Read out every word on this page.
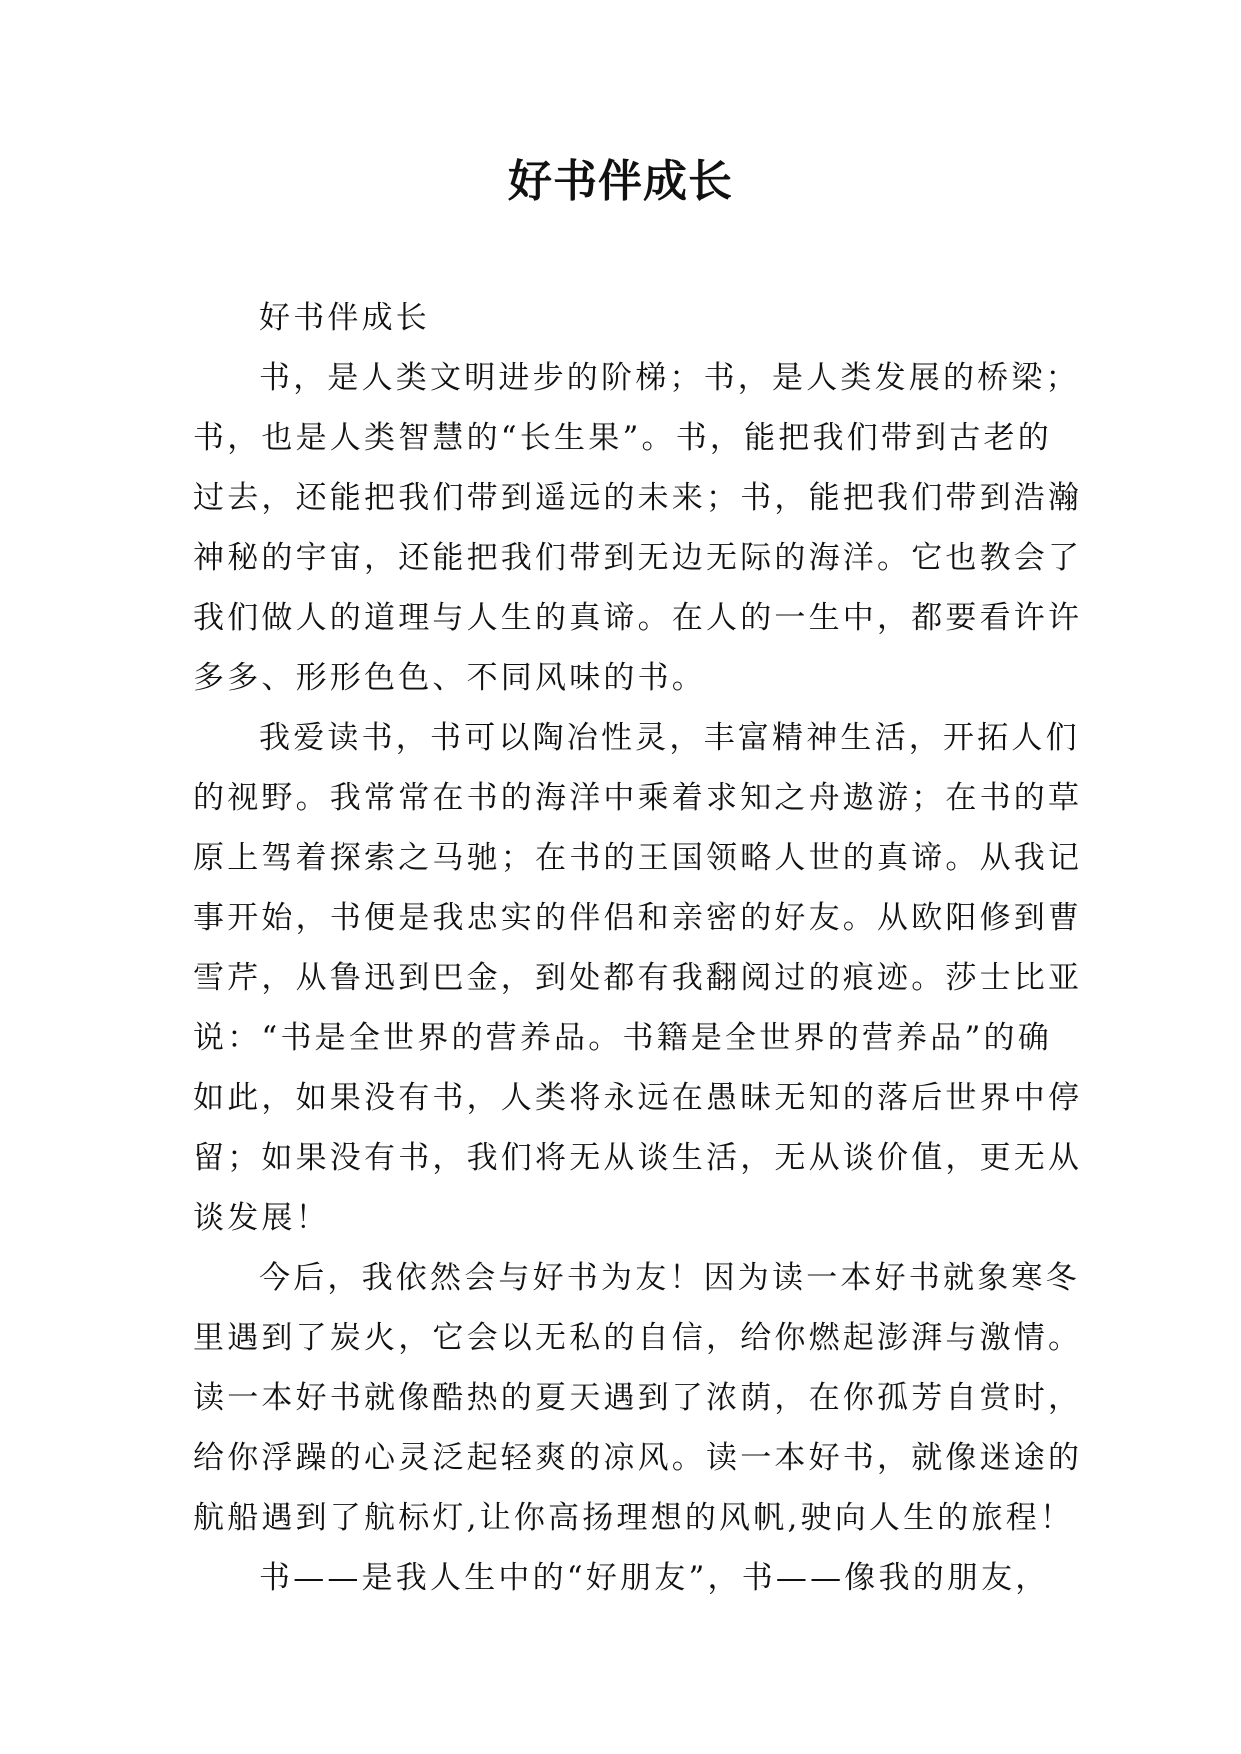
好书伴成长
好书伴成长
书，是人类文明进步的阶梯；书，是人类发展的桥梁；
书，也是人类智慧的“长生果”。书，能把我们带到古老的
过去，还能把我们带到遥远的未来；书，能把我们带到浩瀚
神秘的宇宙，还能把我们带到无边无际的海洋。它也教会了
我们做人的道理与人生的真谛。在人的一生中，都要看许许
多多、形形色色、不同风味的书。
我爱读书，书可以陶冶性灵，丰富精神生活，开拓人们
的视野。我常常在书的海洋中乘着求知之舟遨游；在书的草
原上驾着探索之马驰；在书的王国领略人世的真谛。从我记
事开始，书便是我忠实的伴侣和亲密的好友。从欧阳修到曹
雪芹，从鲁迅到巴金，到处都有我翻阅过的痕迹。莎士比亚
说：“书是全世界的营养品。书籍是全世界的营养品”的确
如此，如果没有书，人类将永远在愚昧无知的落后世界中停
留；如果没有书，我们将无从谈生活，无从谈价值，更无从
谈发展！
今后，我依然会与好书为友！因为读一本好书就象寒冬
里遇到了炭火，它会以无私的自信，给你燃起澎湃与激情。
读一本好书就像酷热的夏天遇到了浓荫，在你孤芳自赏时，
给你浮躁的心灵泛起轻爽的凉风。读一本好书，就像迷途的
航船遇到了航标灯,让你高扬理想的风帆,驶向人生的旅程！
书——是我人生中的“好朋友”，书——像我的朋友，
